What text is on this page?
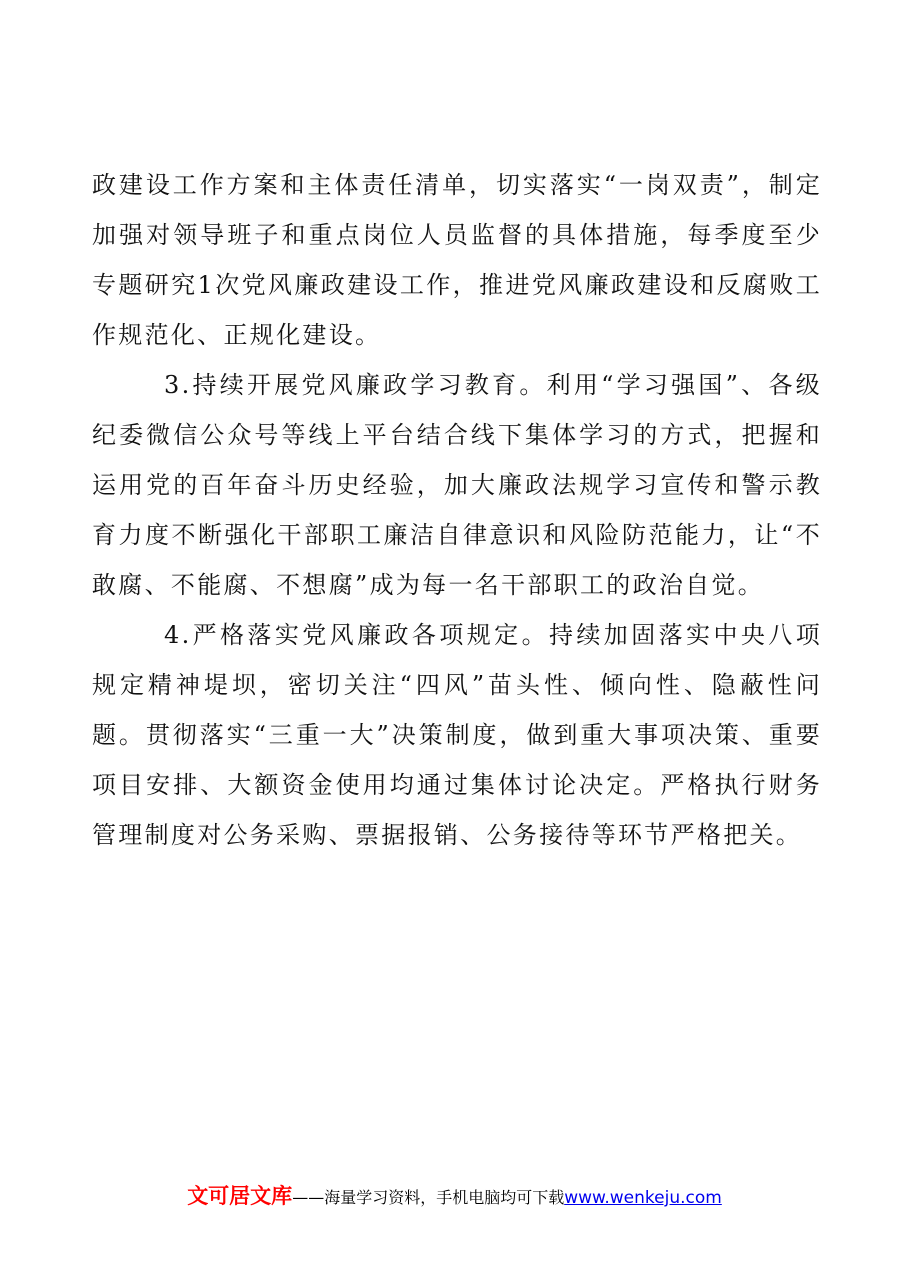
政建设工作方案和主体责任清单，切实落实“一岗双责”，制定加强对领导班子和重点岗位人员监督的具体措施，每季度至少专题研究1次党风廉政建设工作，推进党风廉政建设和反腐败工作规范化、正规化建设。

3.持续开展党风廉政学习教育。利用“学习强国”、各级纪委微信公众号等线上平台结合线下集体学习的方式，把握和运用党的百年奋斗历史经验，加大廉政法规学习宣传和警示教育力度不断强化干部职工廉洁自律意识和风险防范能力，让“不敢腐、不能腐、不想腐”成为每一名干部职工的政治自觉。

4.严格落实党风廉政各项规定。持续加固落实中央八项规定精神堤坝，密切关注“四风”苗头性、倾向性、隐蔽性问题。贯彻落实“三重一大”决策制度，做到重大事项决策、重要项目安排、大额资金使用均通过集体讨论决定。严格执行财务管理制度对公务采购、票据报销、公务接待等环节严格把关。

文可居文库——海量学习资料，手机电脑均可下载www.wenkeju.com
